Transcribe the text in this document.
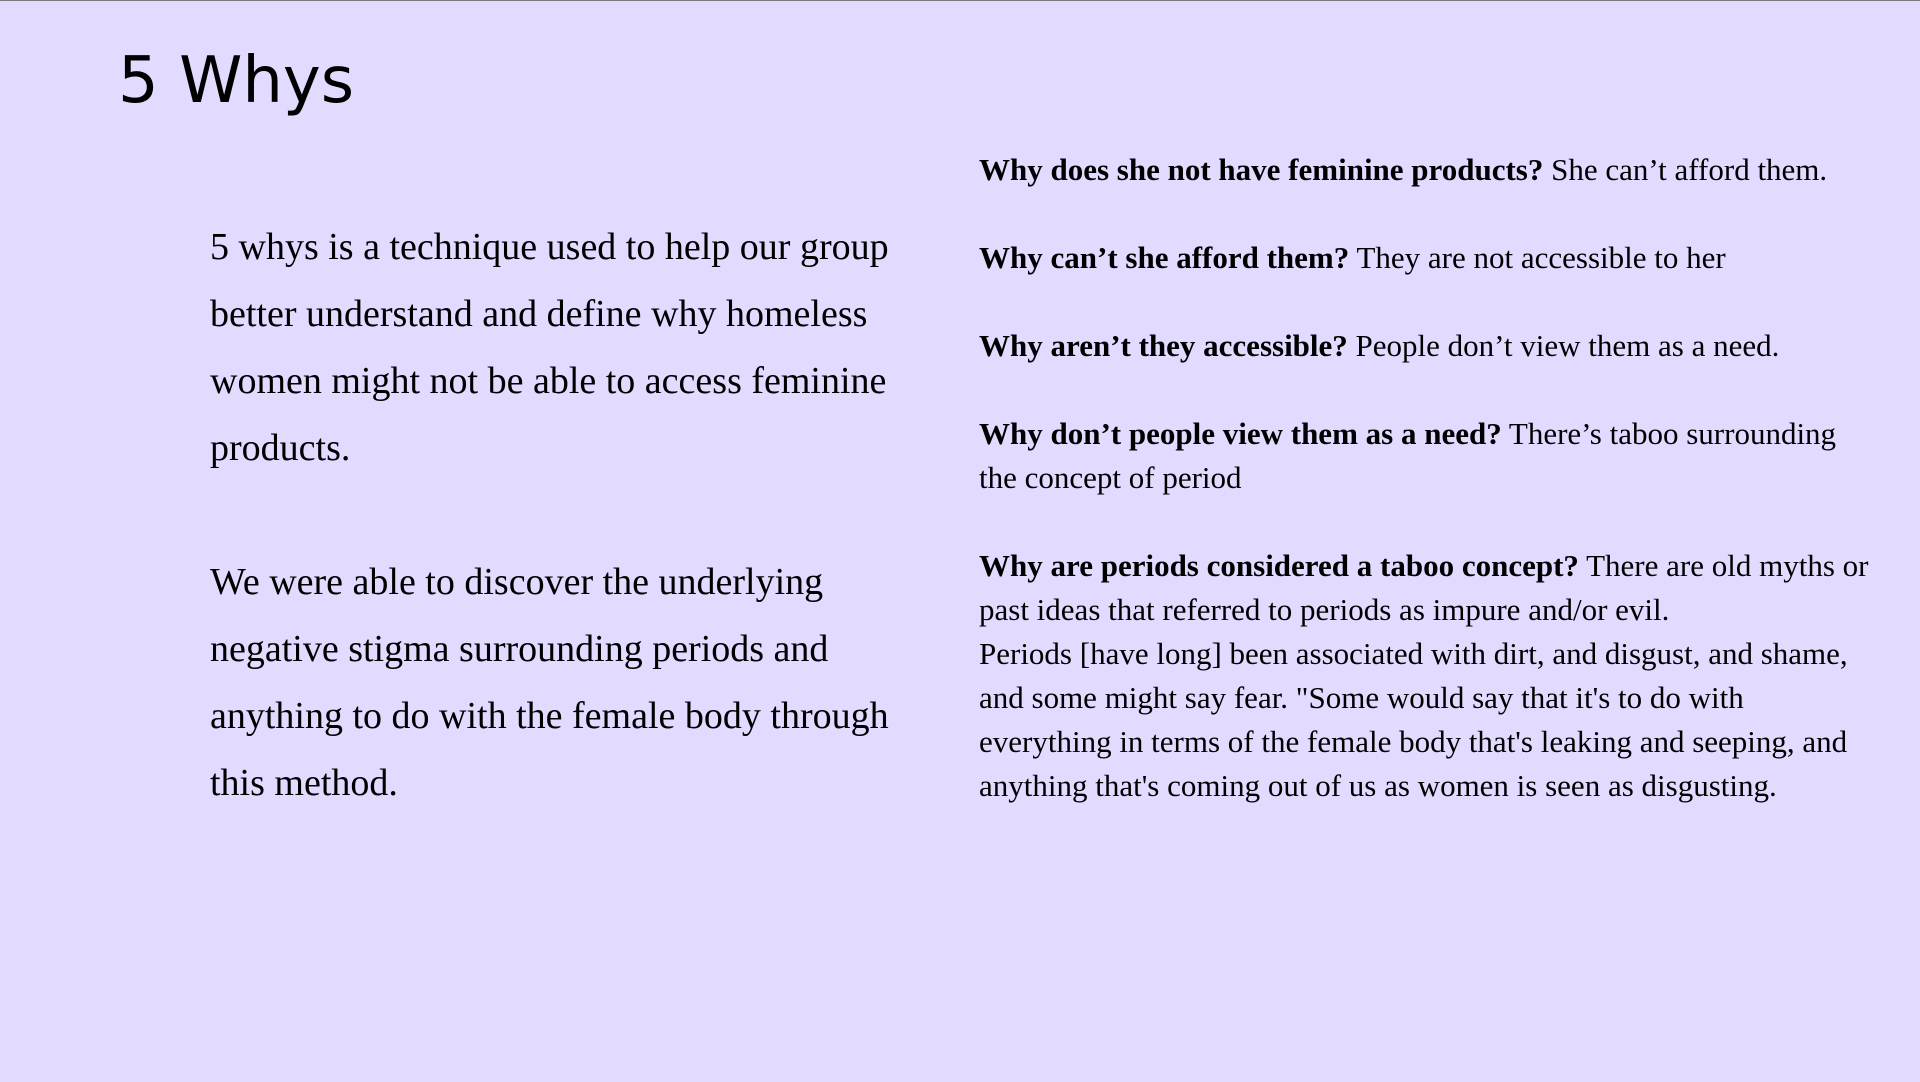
5 Whys

5 whys is a technique used to help our group better understand and define why homeless women might not be able to access feminine products.

We were able to discover the underlying negative stigma surrounding periods and anything to do with the female body through this method.

Why does she not have feminine products? She can’t afford them.

Why can’t she afford them? They are not accessible to her

Why aren’t they accessible? People don’t view them as a need.

Why don’t people view them as a need? There’s taboo surrounding the concept of period

Why are periods considered a taboo concept? There are old myths or past ideas that referred to periods as impure and/or evil.

Periods [have long] been associated with dirt, and disgust, and shame, and some might say fear. "Some would say that it's to do with everything in terms of the female body that's leaking and seeping, and anything that's coming out of us as women is seen as disgusting.
